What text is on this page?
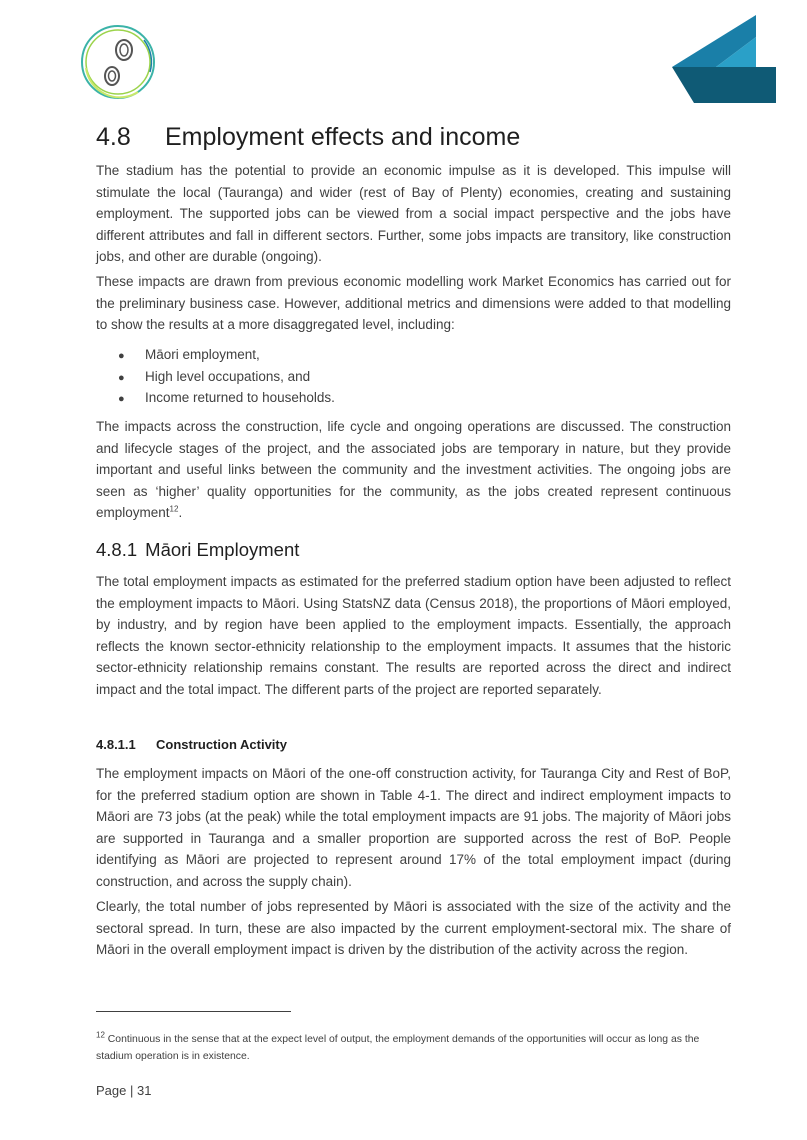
4.8 Employment effects and income

The stadium has the potential to provide an economic impulse as it is developed. This impulse will stimulate the local (Tauranga) and wider (rest of Bay of Plenty) economies, creating and sustaining employment. The supported jobs can be viewed from a social impact perspective and the jobs have different attributes and fall in different sectors. Further, some jobs impacts are transitory, like construction jobs, and other are durable (ongoing).

These impacts are drawn from previous economic modelling work Market Economics has carried out for the preliminary business case. However, additional metrics and dimensions were added to that modelling to show the results at a more disaggregated level, including:

● Māori employment,
● High level occupations, and
● Income returned to households.

The impacts across the construction, life cycle and ongoing operations are discussed. The construction and lifecycle stages of the project, and the associated jobs are temporary in nature, but they provide important and useful links between the community and the investment activities. The ongoing jobs are seen as ‘higher’ quality opportunities for the community, as the jobs created represent continuous employment$^{12}$.

4.8.1 Māori Employment

The total employment impacts as estimated for the preferred stadium option have been adjusted to reflect the employment impacts to Māori. Using StatsNZ data (Census 2018), the proportions of Māori employed, by industry, and by region have been applied to the employment impacts. Essentially, the approach reflects the known sector-ethnicity relationship to the employment impacts. It assumes that the historic sector-ethnicity relationship remains constant. The results are reported across the direct and indirect impact and the total impact. The different parts of the project are reported separately.

4.8.1.1 Construction Activity

The employment impacts on Māori of the one-off construction activity, for Tauranga City and Rest of BoP, for the preferred stadium option are shown in Table 4-1. The direct and indirect employment impacts to Māori are 73 jobs (at the peak) while the total employment impacts are 91 jobs. The majority of Māori jobs are supported in Tauranga and a smaller proportion are supported across the rest of BoP. People identifying as Māori are projected to represent around 17% of the total employment impact (during construction, and across the supply chain).

Clearly, the total number of jobs represented by Māori is associated with the size of the activity and the sectoral spread. In turn, these are also impacted by the current employment-sectoral mix. The share of Māori in the overall employment impact is driven by the distribution of the activity across the region.

$^{12}$ Continuous in the sense that at the expect level of output, the employment demands of the opportunities will occur as long as the stadium operation is in existence.

Page | 31
